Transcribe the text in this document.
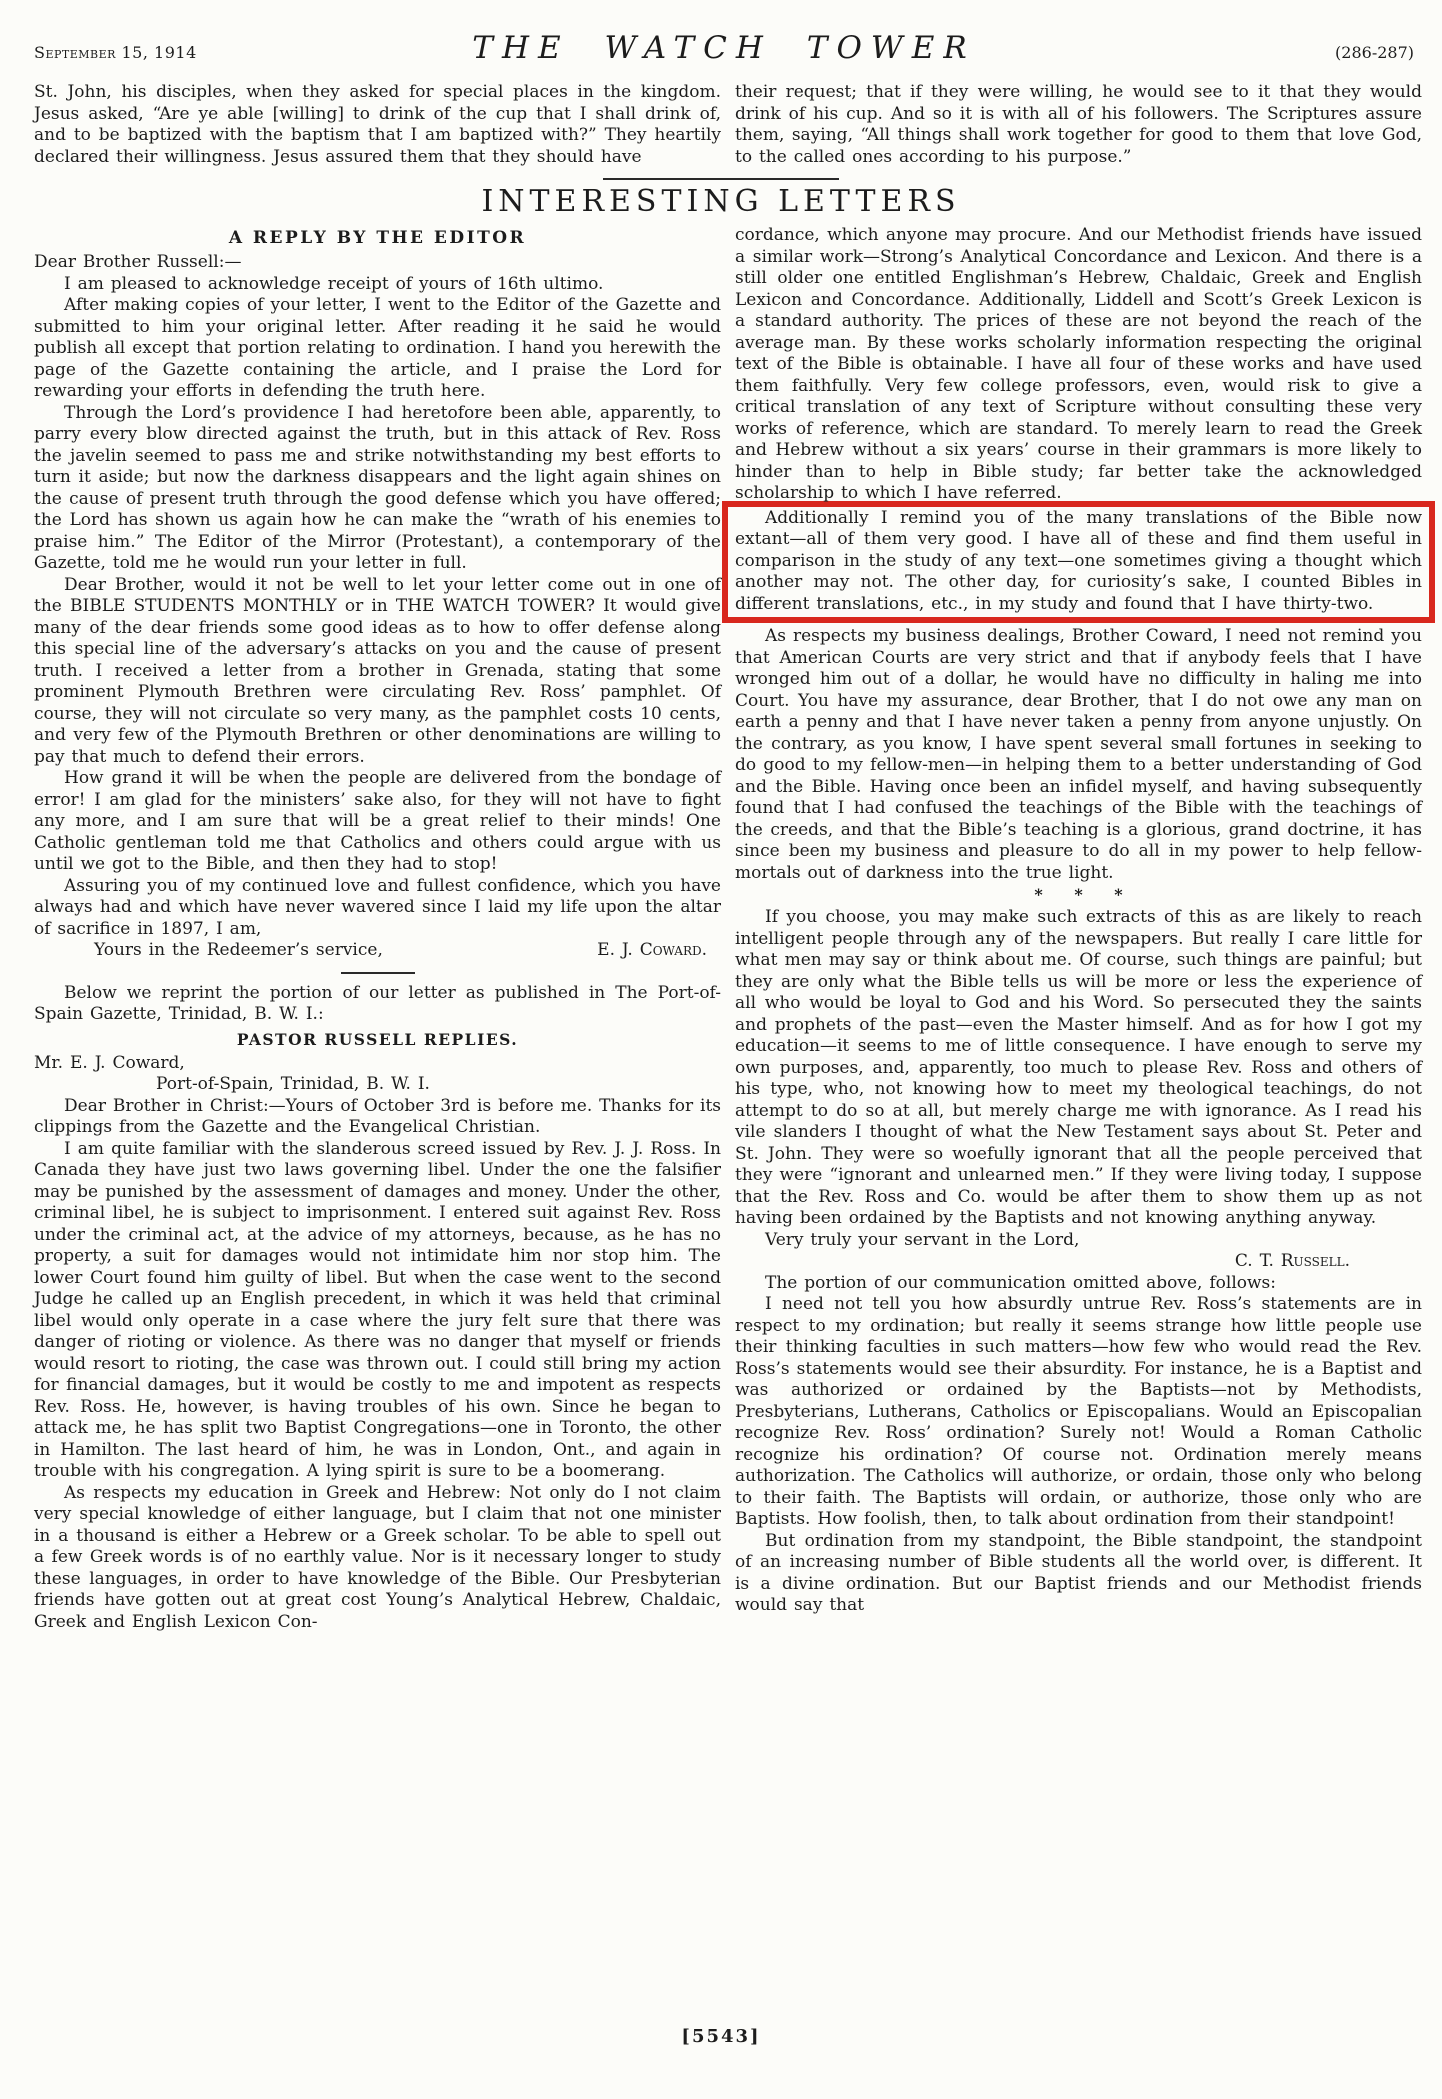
September 15, 1914	THE WATCH TOWER	(286-287)

St. John, his disciples, when they asked for special places in the kingdom. Jesus asked, “Are ye able [willing] to drink of the cup that I shall drink of, and to be baptized with the baptism that I am baptized with?” They heartily declared their willingness. Jesus assured them that they should have

their request; that if they were willing, he would see to it that they would drink of his cup. And so it is with all of his followers. The Scriptures assure them, saying, “All things shall work together for good to them that love God, to the called ones according to his purpose.”

INTERESTING LETTERS
A REPLY BY THE EDITOR

Dear Brother Russell:—

I am pleased to acknowledge receipt of yours of 16th ultimo.

After making copies of your letter, I went to the Editor of the Gazette and submitted to him your original letter. After reading it he said he would publish all except that portion relating to ordination. I hand you herewith the page of the Gazette containing the article, and I praise the Lord for rewarding your efforts in defending the truth here.

Through the Lord’s providence I had heretofore been able, apparently, to parry every blow directed against the truth, but in this attack of Rev. Ross the javelin seemed to pass me and strike notwithstanding my best efforts to turn it aside; but now the darkness disappears and the light again shines on the cause of present truth through the good defense which you have offered; the Lord has shown us again how he can make the “wrath of his enemies to praise him.” The Editor of the Mirror (Protestant), a contemporary of the Gazette, told me he would run your letter in full.

Dear Brother, would it not be well to let your letter come out in one of the BIBLE STUDENTS MONTHLY or in THE WATCH TOWER? It would give many of the dear friends some good ideas as to how to offer defense along this special line of the adversary’s attacks on you and the cause of present truth. I received a letter from a brother in Grenada, stating that some prominent Plymouth Brethren were circulating Rev. Ross’ pamphlet. Of course, they will not circulate so very many, as the pamphlet costs 10 cents, and very few of the Plymouth Brethren or other denominations are willing to pay that much to defend their errors.

How grand it will be when the people are delivered from the bondage of error! I am glad for the ministers’ sake also, for they will not have to fight any more, and I am sure that will be a great relief to their minds! One Catholic gentleman told me that Catholics and others could argue with us until we got to the Bible, and then they had to stop!

Assuring you of my continued love and fullest confidence, which you have always had and which have never wavered since I laid my life upon the altar of sacrifice in 1897, I am,

Yours in the Redeemer’s service,	E. J. Coward.

Below we reprint the portion of our letter as published in The Port-of-Spain Gazette, Trinidad, B. W. I.:

PASTOR RUSSELL REPLIES.

Mr. E. J. Coward,

Port-of-Spain, Trinidad, B. W. I.

Dear Brother in Christ:—Yours of October 3rd is before me. Thanks for its clippings from the Gazette and the Evangelical Christian.

I am quite familiar with the slanderous screed issued by Rev. J. J. Ross. In Canada they have just two laws governing libel. Under the one the falsifier may be punished by the assessment of damages and money. Under the other, criminal libel, he is subject to imprisonment. I entered suit against Rev. Ross under the criminal act, at the advice of my attorneys, because, as he has no property, a suit for damages would not intimidate him nor stop him. The lower Court found him guilty of libel. But when the case went to the second Judge he called up an English precedent, in which it was held that criminal libel would only operate in a case where the jury felt sure that there was danger of rioting or violence. As there was no danger that myself or friends would resort to rioting, the case was thrown out. I could still bring my action for financial damages, but it would be costly to me and impotent as respects Rev. Ross. He, however, is having troubles of his own. Since he began to attack me, he has split two Baptist Congregations—one in Toronto, the other in Hamilton. The last heard of him, he was in London, Ont., and again in trouble with his congregation. A lying spirit is sure to be a boomerang.

As respects my education in Greek and Hebrew: Not only do I not claim very special knowledge of either language, but I claim that not one minister in a thousand is either a Hebrew or a Greek scholar. To be able to spell out a few Greek words is of no earthly value. Nor is it necessary longer to study these languages, in order to have knowledge of the Bible. Our Presbyterian friends have gotten out at great cost Young’s Analytical Hebrew, Chaldaic, Greek and English Lexicon Con-

cordance, which anyone may procure. And our Methodist friends have issued a similar work—Strong’s Analytical Concordance and Lexicon. And there is a still older one entitled Englishman’s Hebrew, Chaldaic, Greek and English Lexicon and Concordance. Additionally, Liddell and Scott’s Greek Lexicon is a standard authority. The prices of these are not beyond the reach of the average man. By these works scholarly information respecting the original text of the Bible is obtainable. I have all four of these works and have used them faithfully. Very few college professors, even, would risk to give a critical translation of any text of Scripture without consulting these very works of reference, which are standard. To merely learn to read the Greek and Hebrew without a six years’ course in their grammars is more likely to hinder than to help in Bible study; far better take the acknowledged scholarship to which I have referred.

Additionally I remind you of the many translations of the Bible now extant—all of them very good. I have all of these and find them useful in comparison in the study of any text—one sometimes giving a thought which another may not. The other day, for curiosity’s sake, I counted Bibles in different translations, etc., in my study and found that I have thirty-two.

As respects my business dealings, Brother Coward, I need not remind you that American Courts are very strict and that if anybody feels that I have wronged him out of a dollar, he would have no difficulty in haling me into Court. You have my assurance, dear Brother, that I do not owe any man on earth a penny and that I have never taken a penny from anyone unjustly. On the contrary, as you know, I have spent several small fortunes in seeking to do good to my fellow-men—in helping them to a better understanding of God and the Bible. Having once been an infidel myself, and having subsequently found that I had confused the teachings of the Bible with the teachings of the creeds, and that the Bible’s teaching is a glorious, grand doctrine, it has since been my business and pleasure to do all in my power to help fellow-mortals out of darkness into the true light.

* * *

If you choose, you may make such extracts of this as are likely to reach intelligent people through any of the newspapers. But really I care little for what men may say or think about me. Of course, such things are painful; but they are only what the Bible tells us will be more or less the experience of all who would be loyal to God and his Word. So persecuted they the saints and prophets of the past—even the Master himself. And as for how I got my education—it seems to me of little consequence. I have enough to serve my own purposes, and, apparently, too much to please Rev. Ross and others of his type, who, not knowing how to meet my theological teachings, do not attempt to do so at all, but merely charge me with ignorance. As I read his vile slanders I thought of what the New Testament says about St. Peter and St. John. They were so woefully ignorant that all the people perceived that they were “ignorant and unlearned men.” If they were living today, I suppose that the Rev. Ross and Co. would be after them to show them up as not having been ordained by the Baptists and not knowing anything anyway.

Very truly your servant in the Lord,

C. T. Russell.

The portion of our communication omitted above, follows:

I need not tell you how absurdly untrue Rev. Ross’s statements are in respect to my ordination; but really it seems strange how little people use their thinking faculties in such matters—how few who would read the Rev. Ross’s statements would see their absurdity. For instance, he is a Baptist and was authorized or ordained by the Baptists—not by Methodists, Presbyterians, Lutherans, Catholics or Episcopalians. Would an Episcopalian recognize Rev. Ross’ ordination? Surely not! Would a Roman Catholic recognize his ordination? Of course not. Ordination merely means authorization. The Catholics will authorize, or ordain, those only who belong to their faith. The Baptists will ordain, or authorize, those only who are Baptists. How foolish, then, to talk about ordination from their standpoint!

But ordination from my standpoint, the Bible standpoint, the standpoint of an increasing number of Bible students all the world over, is different. It is a divine ordination. But our Baptist friends and our Methodist friends would say that

[5543]
